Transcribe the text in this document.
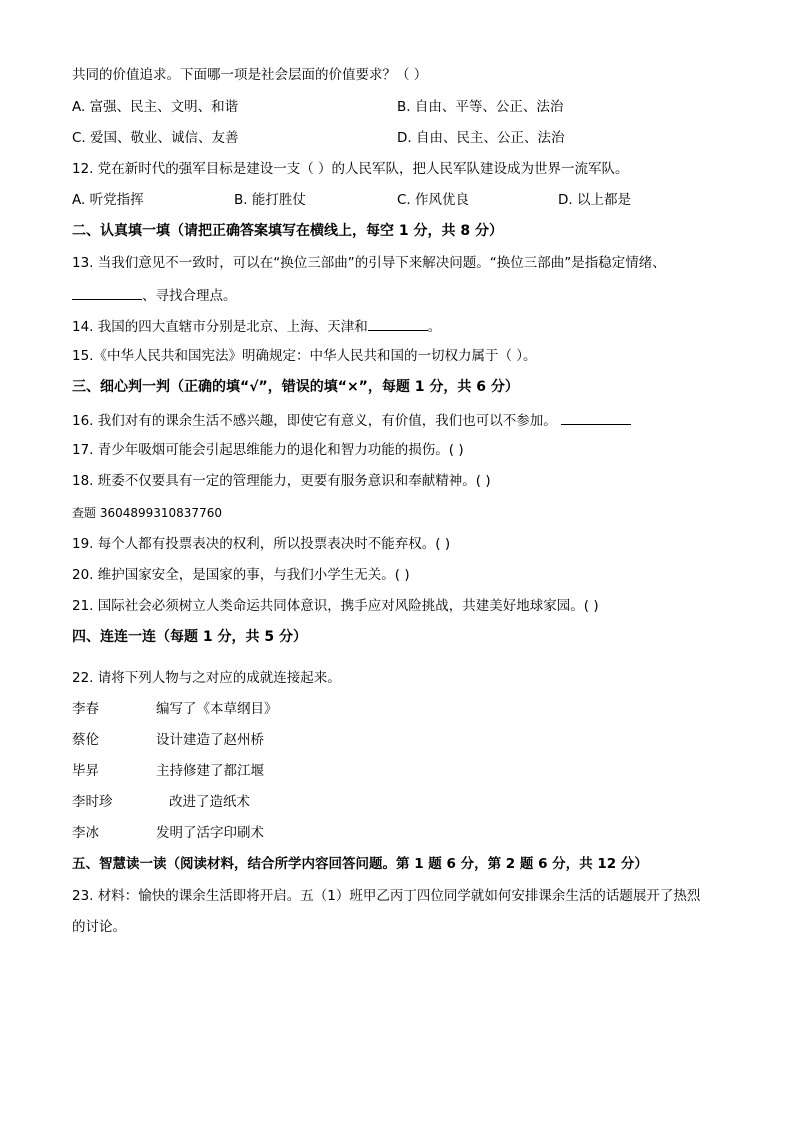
共同的价值追求。下面哪一项是社会层面的价值要求？（ ）
A. 富强、民主、文明、和谐	B. 自由、平等、公正、法治
C. 爱国、敬业、诚信、友善	D. 自由、民主、公正、法治
12. 党在新时代的强军目标是建设一支（ ）的人民军队，把人民军队建设成为世界一流军队。
A. 听党指挥	B. 能打胜仗	C. 作风优良	D. 以上都是
二、认真填一填（请把正确答案填写在横线上，每空 1 分，共 8 分）
13. 当我们意见不一致时，可以在“换位三部曲”的引导下来解决问题。“换位三部曲”是指稳定情绪、
、寻找合理点。
14. 我国的四大直辖市分别是北京、上海、天津和	。
15.《中华人民共和国宪法》明确规定：中华人民共和国的一切权力属于（ ）。
三、细心判一判（正确的填“√”，错误的填“×”，每题 1 分，共 6 分）
16. 我们对有的课余生活不感兴趣，即使它有意义，有价值，我们也可以不参加。
17. 青少年吸烟可能会引起思维能力的退化和智力功能的损伤。( )
18. 班委不仅要具有一定的管理能力，更要有服务意识和奉献精神。( )
查题 3604899310837760
19. 每个人都有投票表决的权利，所以投票表决时不能弃权。( )
20. 维护国家安全，是国家的事，与我们小学生无关。( )
21. 国际社会必须树立人类命运共同体意识，携手应对风险挑战，共建美好地球家园。( )
四、连连一连（每题 1 分，共 5 分）
22. 请将下列人物与之对应的成就连接起来。
李春	编写了《本草纲目》
蔡伦	设计建造了赵州桥
毕昇	主持修建了都江堰
李时珍	改进了造纸术
李冰	发明了活字印刷术
五、智慧读一读（阅读材料，结合所学内容回答问题。第 1 题 6 分，第 2 题 6 分，共 12 分）
23. 材料：愉快的课余生活即将开启。五（1）班甲乙丙丁四位同学就如何安排课余生活的话题展开了热烈
的讨论。
